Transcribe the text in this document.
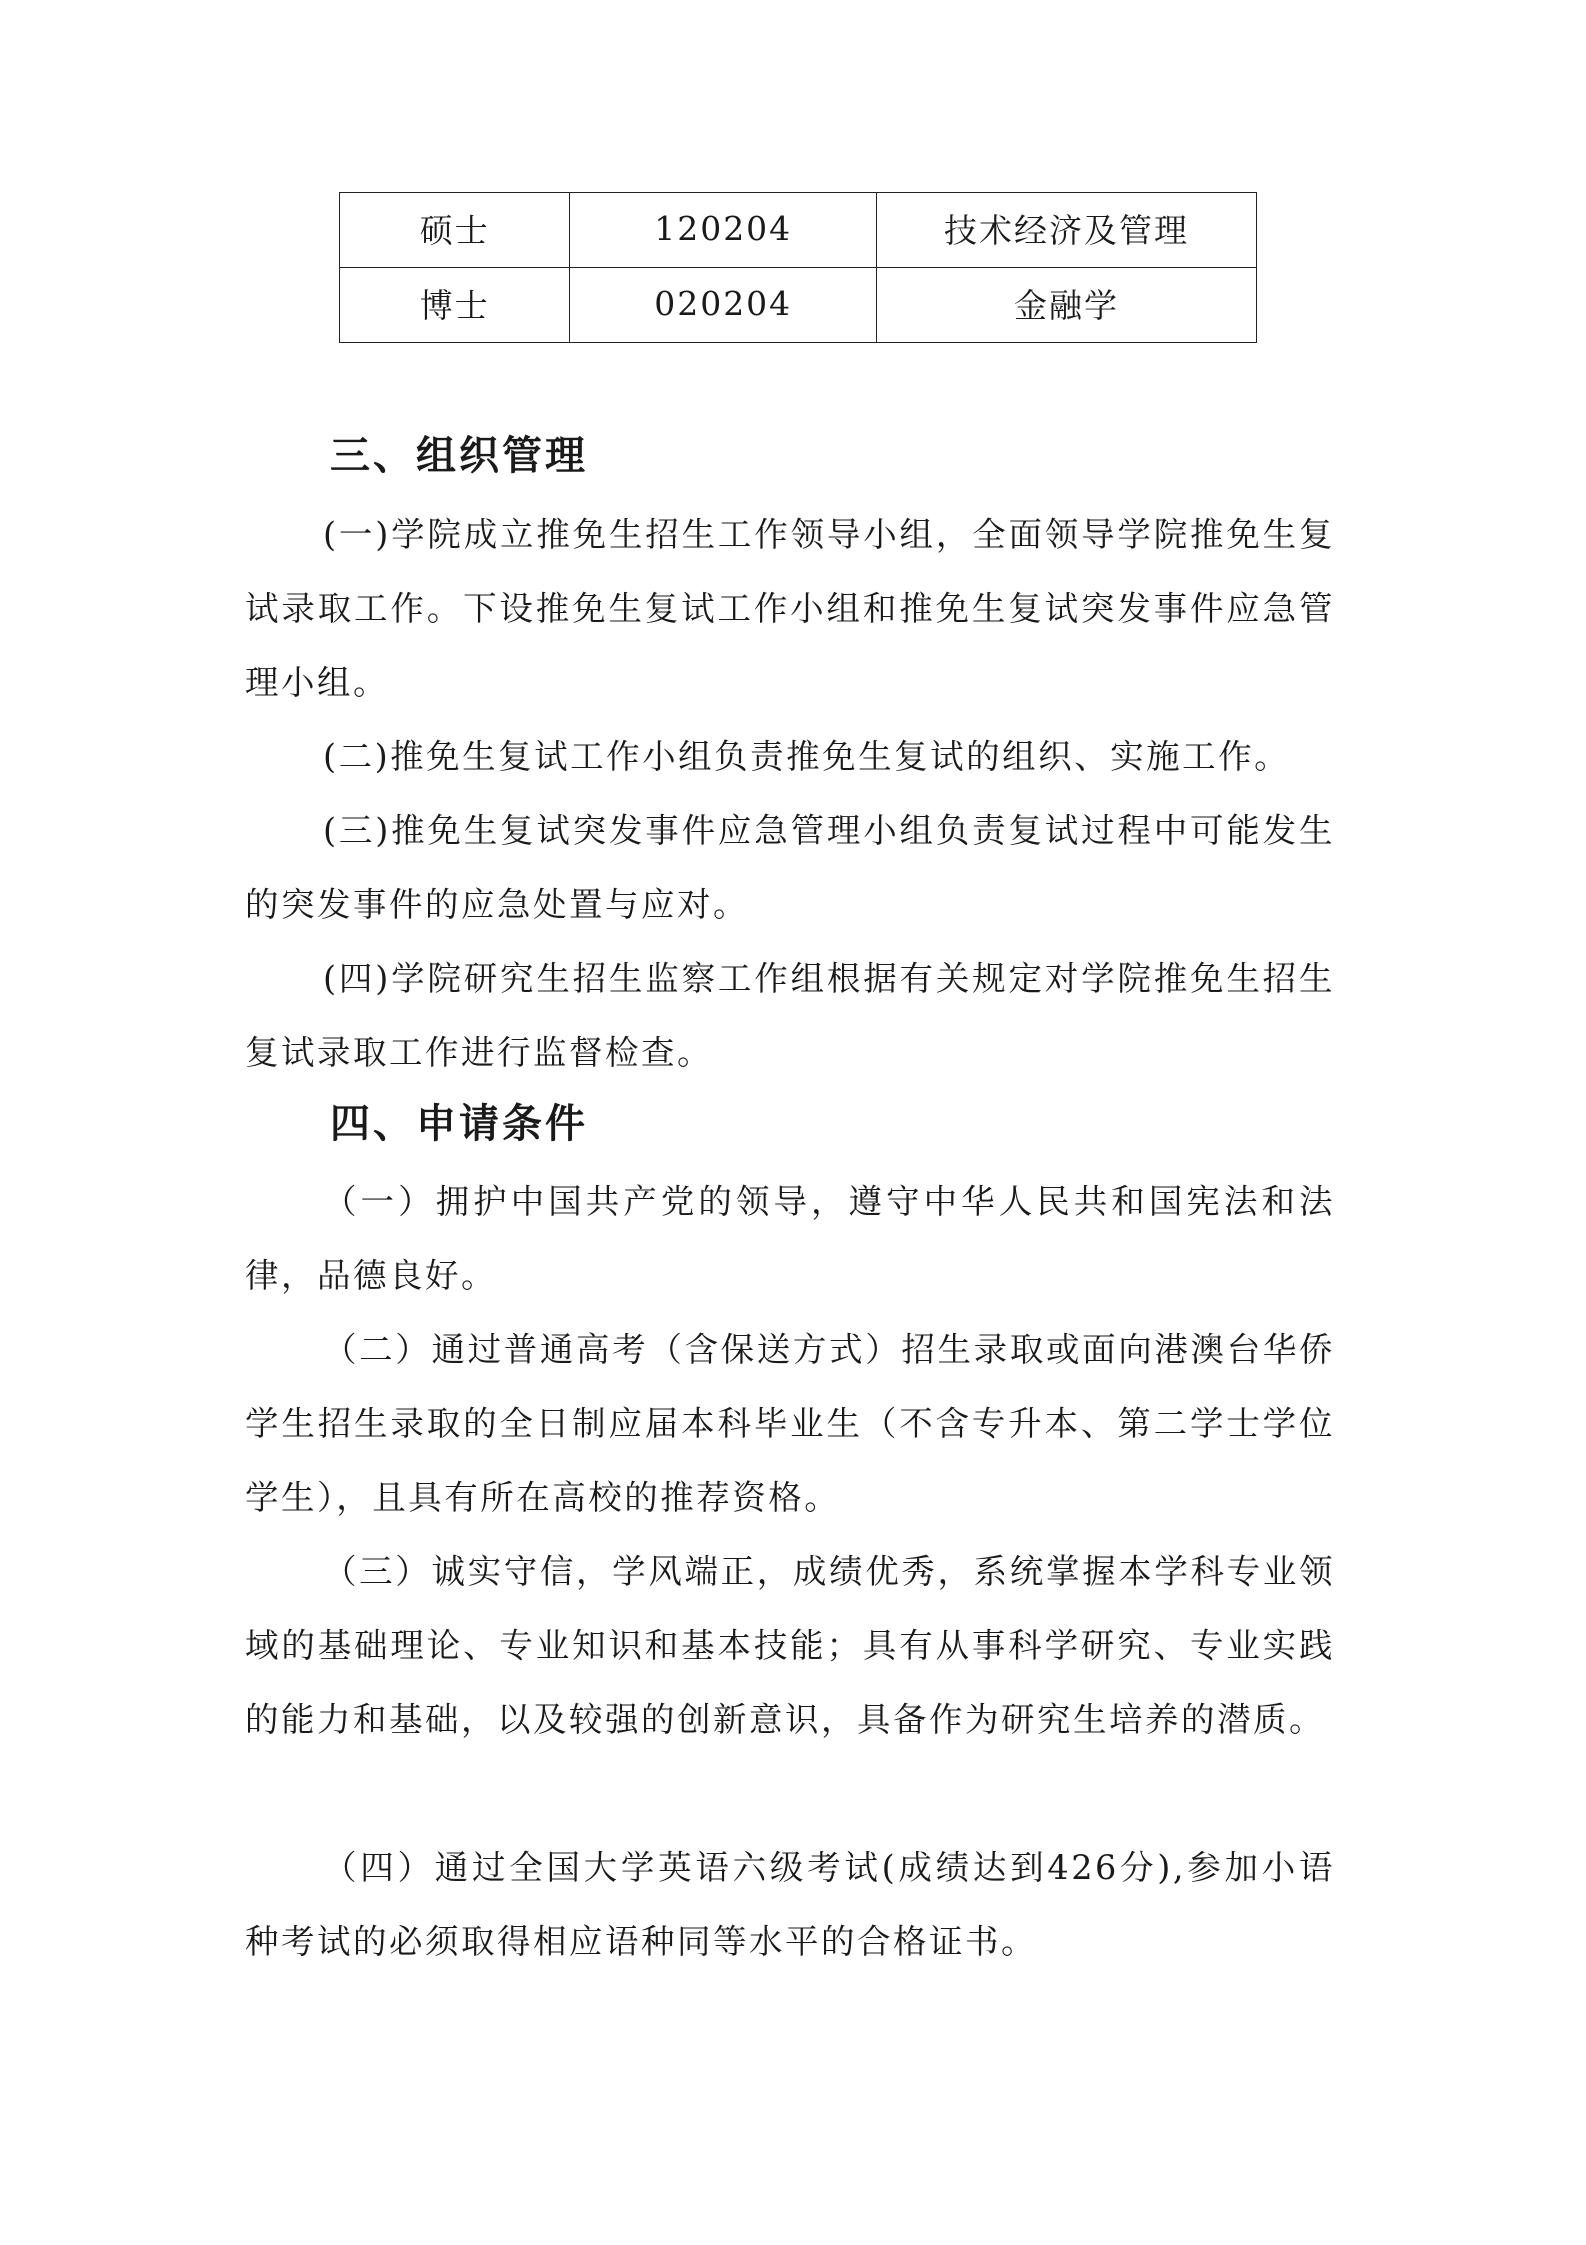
硕士	120204	技术经济及管理
博士	020204	金融学
三、组织管理

(一)学院成立推免生招生工作领导小组，全面领导学院推免生复试录取工作。下设推免生复试工作小组和推免生复试突发事件应急管理小组。

(二)推免生复试工作小组负责推免生复试的组织、实施工作。

(三)推免生复试突发事件应急管理小组负责复试过程中可能发生的突发事件的应急处置与应对。

(四)学院研究生招生监察工作组根据有关规定对学院推免生招生复试录取工作进行监督检查。

四、申请条件

（一）拥护中国共产党的领导，遵守中华人民共和国宪法和法律，品德良好。

（二）通过普通高考（含保送方式）招生录取或面向港澳台华侨学生招生录取的全日制应届本科毕业生（不含专升本、第二学士学位学生），且具有所在高校的推荐资格。

（三）诚实守信，学风端正，成绩优秀，系统掌握本学科专业领域的基础理论、专业知识和基本技能；具有从事科学研究、专业实践的能力和基础，以及较强的创新意识，具备作为研究生培养的潜质。

（四）通过全国大学英语六级考试(成绩达到426分),参加小语种考试的必须取得相应语种同等水平的合格证书。
